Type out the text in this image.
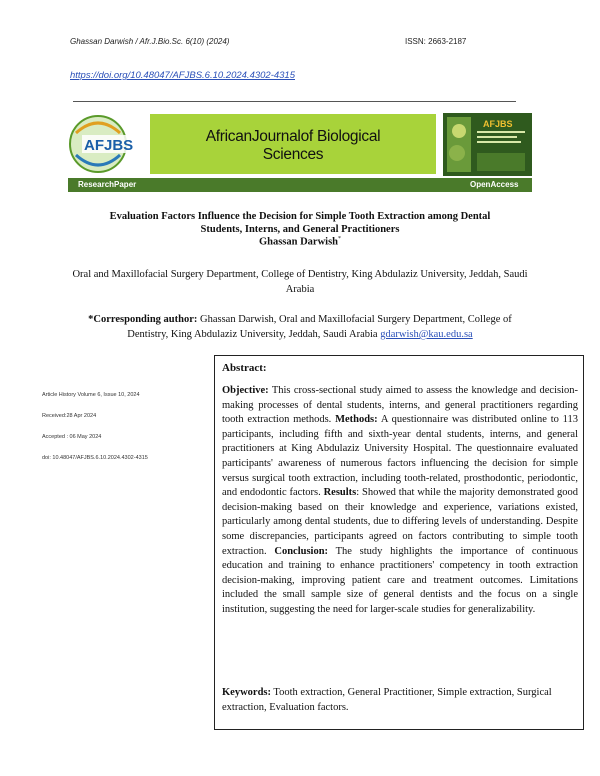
Ghassan Darwish / Afr.J.Bio.Sc. 6(10) (2024)	ISSN: 2663-2187
https://doi.org/10.48047/AFJBS.6.10.2024.4302-4315
AFJBS
AfricanJournalof Biological
Sciences
AFJBS
ResearchPaper	OpenAccess
Evaluation Factors Influence the Decision for Simple Tooth Extraction among Dental
Students, Interns, and General Practitioners
Ghassan Darwish*
Oral and Maxillofacial Surgery Department, College of Dentistry, King Abdulaziz University, Jeddah, Saudi Arabia
*Corresponding author: Ghassan Darwish, Oral and Maxillofacial Surgery Department, College of Dentistry, King Abdulaziz University, Jeddah, Saudi Arabia gdarwish@kau.edu.sa
Article History Volume 6, Issue 10, 2024
Received:28 Apr 2024
Accepted : 06 May 2024
doi: 10.48047/AFJBS.6.10.2024.4302-4315
Abstract:
Objective: This cross-sectional study aimed to assess the knowledge and decision-making processes of dental students, interns, and general practitioners regarding tooth extraction methods. Methods: A questionnaire was distributed online to 113 participants, including fifth and sixth-year dental students, interns, and general practitioners at King Abdulaziz University Hospital. The questionnaire evaluated participants' awareness of numerous factors influencing the decision for simple versus surgical tooth extraction, including tooth-related, prosthodontic, periodontic, and endodontic factors. Results: Showed that while the majority demonstrated good decision-making based on their knowledge and experience, variations existed, particularly among dental students, due to differing levels of understanding. Despite some discrepancies, participants agreed on factors contributing to simple tooth extraction. Conclusion: The study highlights the importance of continuous education and training to enhance practitioners' competency in tooth extraction decision-making, improving patient care and treatment outcomes. Limitations included the small sample size of general dentists and the focus on a single institution, suggesting the need for larger-scale studies for generalizability.
Keywords: Tooth extraction, General Practitioner, Simple extraction, Surgical extraction, Evaluation factors.
